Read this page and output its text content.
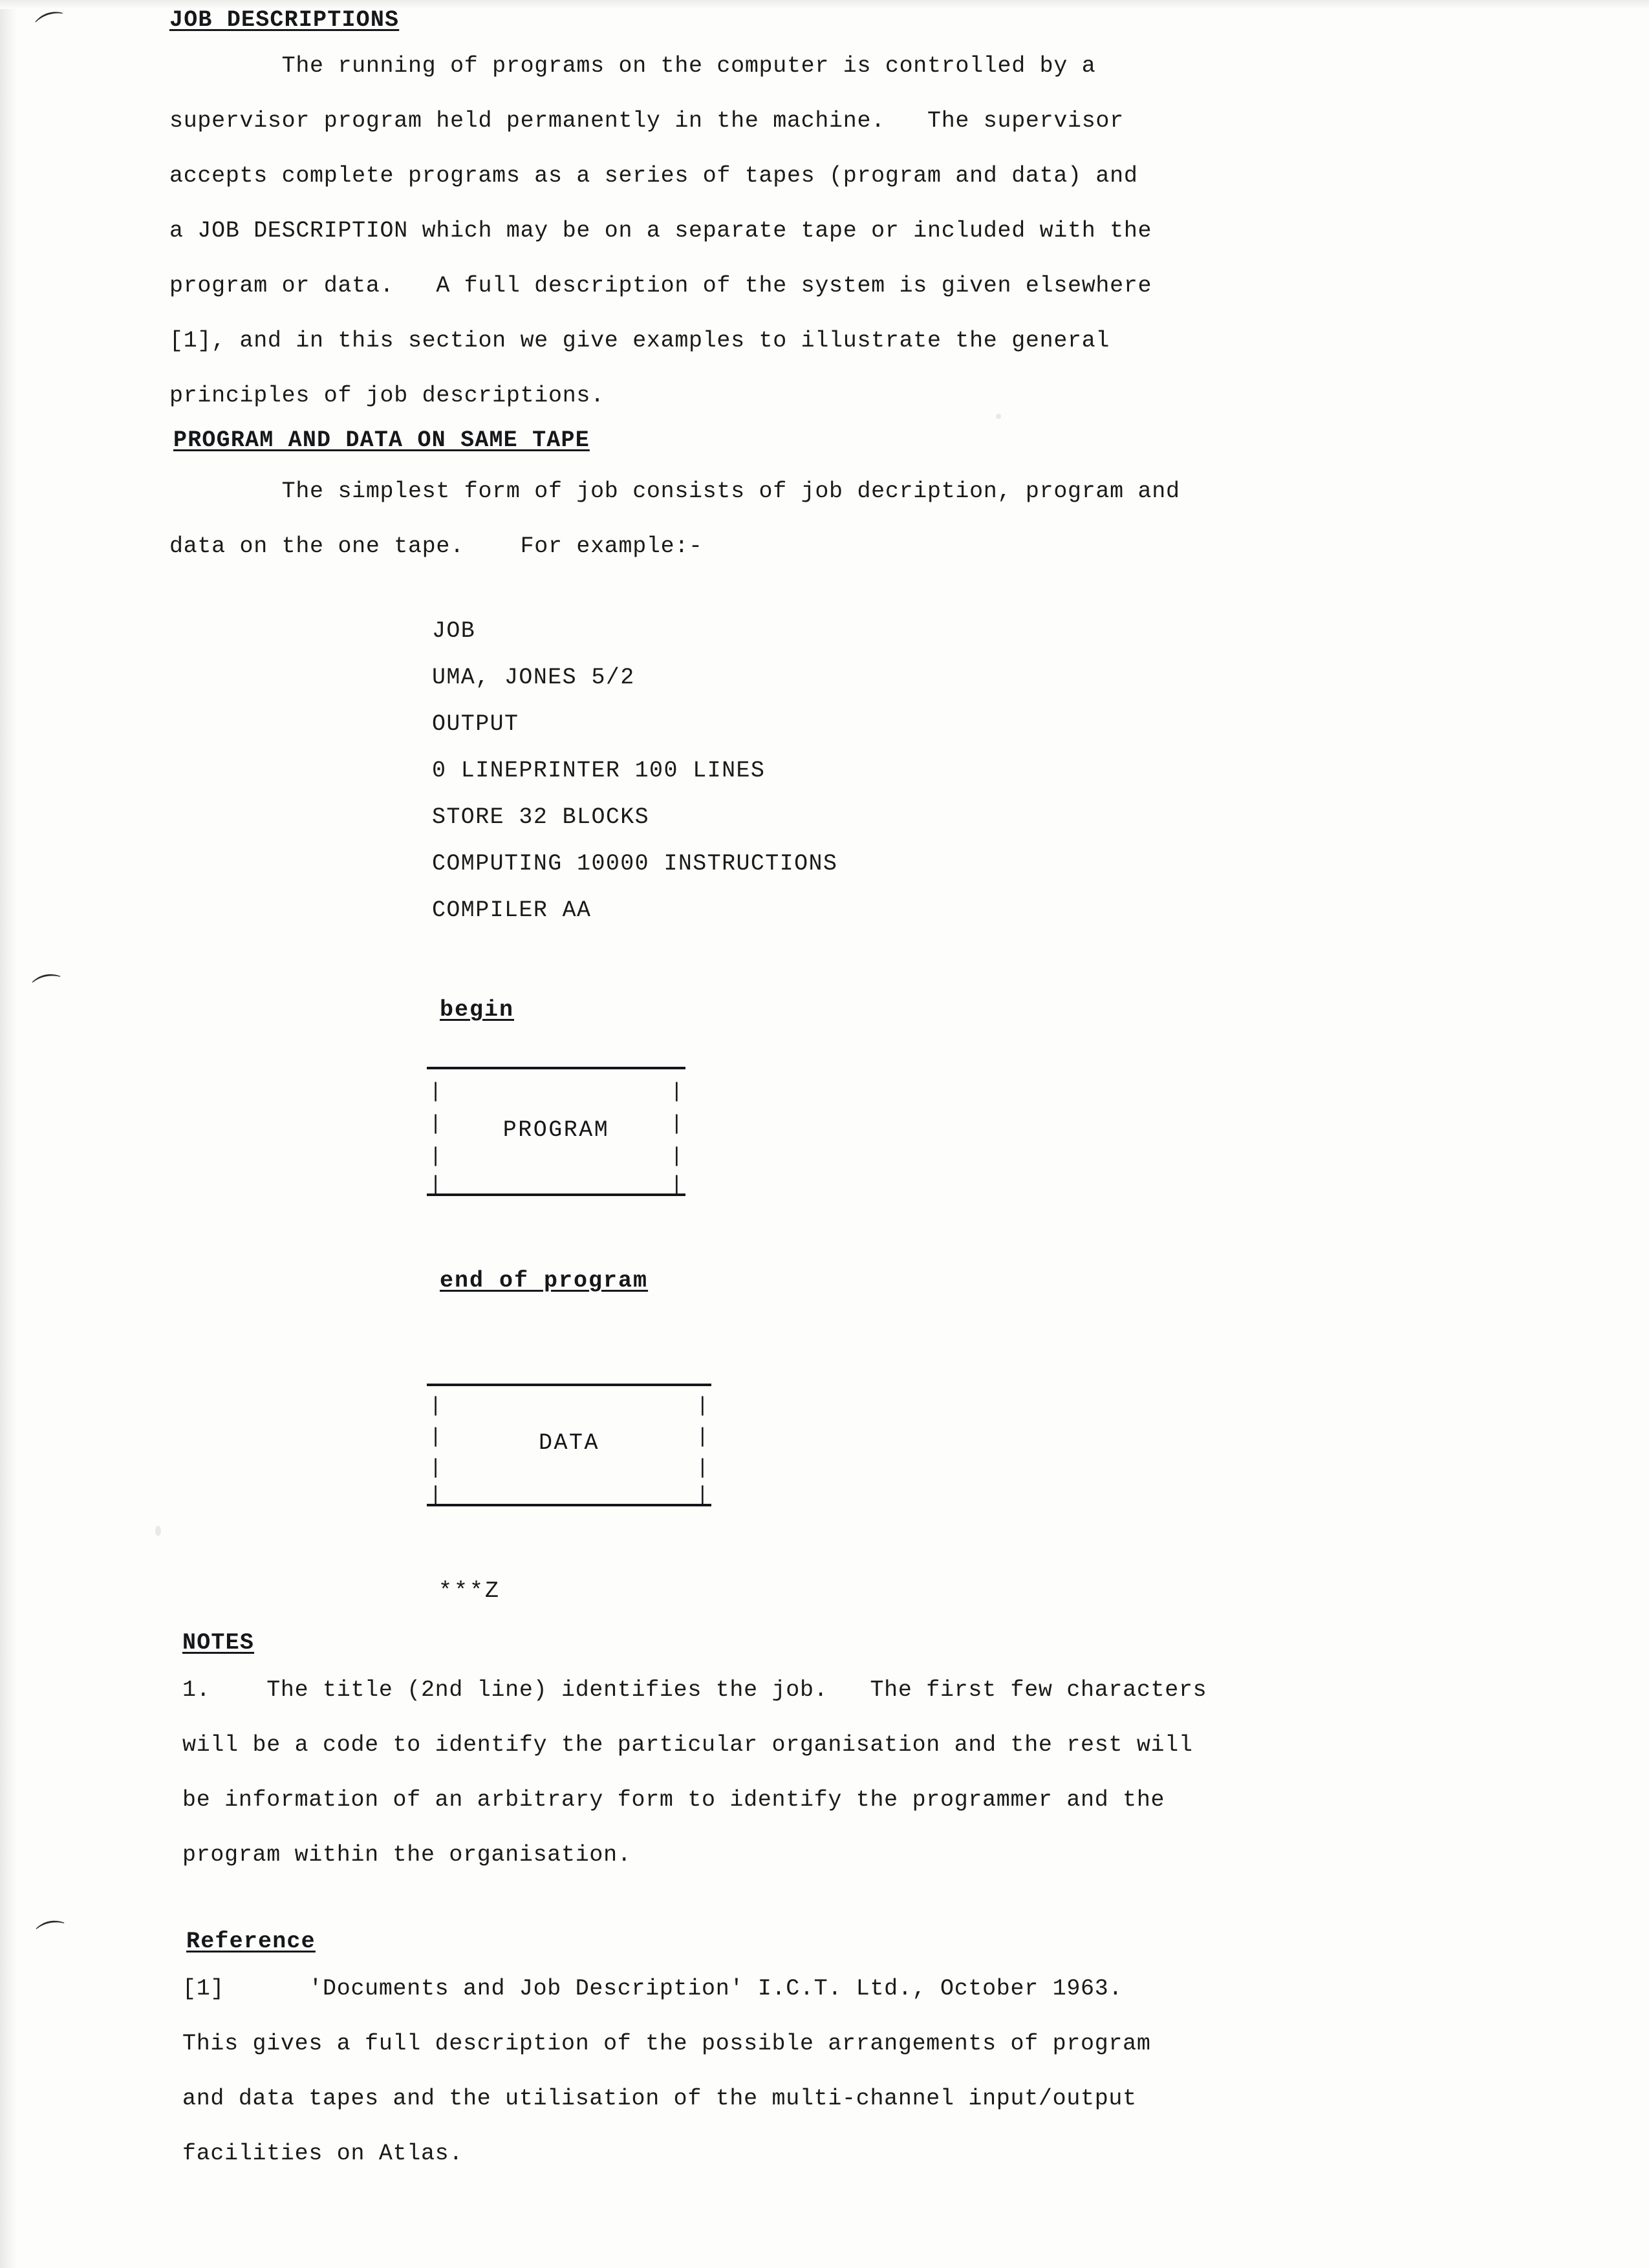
⌒
⌒
⌒
JOB DESCRIPTIONS
The running of programs on the computer is controlled by a
supervisor program held permanently in the machine.   The supervisor
accepts complete programs as a series of tapes (program and data) and
a JOB DESCRIPTION which may be on a separate tape or included with the
program or data.   A full description of the system is given elsewhere
[1], and in this section we give examples to illustrate the general
principles of job descriptions.
PROGRAM AND DATA ON SAME TAPE
The simplest form of job consists of job decription, program and
data on the one tape.    For example:-
JOB
UMA, JONES 5/2
OUTPUT
0 LINEPRINTER 100 LINES
STORE 32 BLOCKS
COMPUTING 10000 INSTRUCTIONS
COMPILER AA
begin
|
|
|
|
|
|
|
|
PROGRAM
end of program
|
|
|
|
|
|
|
|
DATA
***Z
NOTES
1.    The title (2nd line) identifies the job.   The first few characters
will be a code to identify the particular organisation and the rest will
be information of an arbitrary form to identify the programmer and the
program within the organisation.
Reference
[1]      'Documents and Job Description' I.C.T. Ltd., October 1963.
This gives a full description of the possible arrangements of program
and data tapes and the utilisation of the multi-channel input/output
facilities on Atlas.
